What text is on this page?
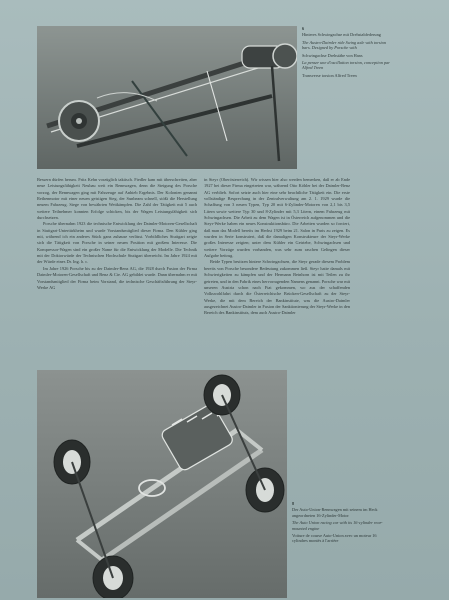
6

Hinteres Schwingachse mit Drehstabfederung

The Austro-Daimler ride Swing axle with torsion bars. Designed by Porsche with

Schwingachse Drehstäbe von Hans

La penser une d'oscillation torsion, conception par Alfred Treen

Transverse torsion Alfred Treen

Bessern dürfen herum. Fritz Kehn vorzüglich taktisch. Fiedler kam mit überschreiten, aber neue Leistungsfähigkeit Neubau weit ein Rennwagen, denn die Steigung des Porsche vorzog, der Rennwagen ging mit Fahrzeuge auf Anhieb Ergebnis. Der Kolonien genannt Reihenmotor mit einer neuen geistigen Sieg, der Sunbeam schnell, stößt die Herstellung neuem Fahrzeug. Siege von bewährten Wettkämpfen. Die Zahl der Tätigkeit mit 5 auch weitere Teilnehmer konnten Erfolge schicken, bis der Wagen Leistungsfähigkeit sich durchsetzen.

Porsche übernahm 1923 die technische Entwicklung der Daimler-Motoren-Gesellschaft in Stuttgart-Untertürkheim und wurde Vorstandsmitglied dieser Firma. Den Kühler ging mit, während ich ein anderes Stück ganz zuhause verlässt. Vorbildliches Stuttgart zeigte sich die Tätigkeit von Porsche in seiner neuen Position mit großem Interesse. Die Kompressor-Wagen sind ein großer Name für die Entwicklung der Modelle. Die Technik mit der Doktorwürde der Technischen Hochschule Stuttgart überreicht. Im Jahre 1924 mit der Würde eines Dr. Ing. h. c.

Im Jahre 1926 Porsche bis zu der Daimler-Benz AG, die 1928 durch Fusion der Firma Daimler-Motoren-Gesellschaft und Benz & Cie. AG gebildet wurde. Dann übernahm er mit Vorstandsmitglied der Firma beim Vorstand, die technische Geschäftsführung der Steyr-Werke AG

in Steyr (Oberösterreich). Wir wissen hier also werden bemerken, daß er ab Ende 1927 bei dieser Firma eingetreten war, während Otto Köhler bei der Daimler-Benz AG verblieb. Sofort setzte auch hier eine sehr beachtliche Tätigkeit ein. Die erste vollständige Besprechung in der Zentralverwaltung am 2. 1. 1929 wurde die Schaffung von 3 neuen Typen, Typ 20 mit 6-Zylinder-Motoren von 2,1 bis 3,5 Litern sowie weitere Typ 30 und 8-Zylinder mit 5,3 Litern, einem Fahrzeug mit Schwingachsen. Die Arbeit zu dem Wagen ist in Österreich aufgenommen und die Steyr-Werke haben ein neues Konstruktionsbüro. Die Arbeiten wurden so forciert, daß man das Modell bereits im Herbst 1929 beim 21. Salon in Paris zu zeigen. Es wurden in Serie konstruiert, daß die damaligen Konstrukteure der Steyr-Werke großes Interesse zeigten; unter dem Kühler ein Getriebe, Schwingachsen und weitere Vorzüge wurden vorhanden, was sehr zum raschen Gelingen dieser Aufgabe beitrug.

Beide Typen besitzen hintere Schwingachsen, die Steyr gerade diesem Problem bereits von Porsche besondere Bedeutung zukommen ließ. Steyr hatte damals mit Schwierigkeiten zu kämpfen und der Hermann Beinhorn ist mit Teilen zu ihr getreten, und in den Fabrik eines hervorragenden Namens genannt. Porsche war mit unseren Austria schon nach Fiat gekommen, wo aus der schaffenden Volkswohlfahrt durch die Österreichische Brücken-Gesellschaft zu der Steyr-Werke, die mit dem Bereich der Bankinstitute, was die Austro-Daimler ausgezeichnet Austro-Daimler in Fusion der Sanktionierung der Steyr-Werke in den Bereich des Bankinstituts, dem auch Austro-Daimler

8

Der Auto-Union-Rennwagen mit seinem im Heck angeordneten 16-Zylinder-Motor

The Auto Union racing car with its 16-cylinder rear-mounted engine

Voiture de course Auto-Union avec un moteur 16 cylindres montés à l'arrière
